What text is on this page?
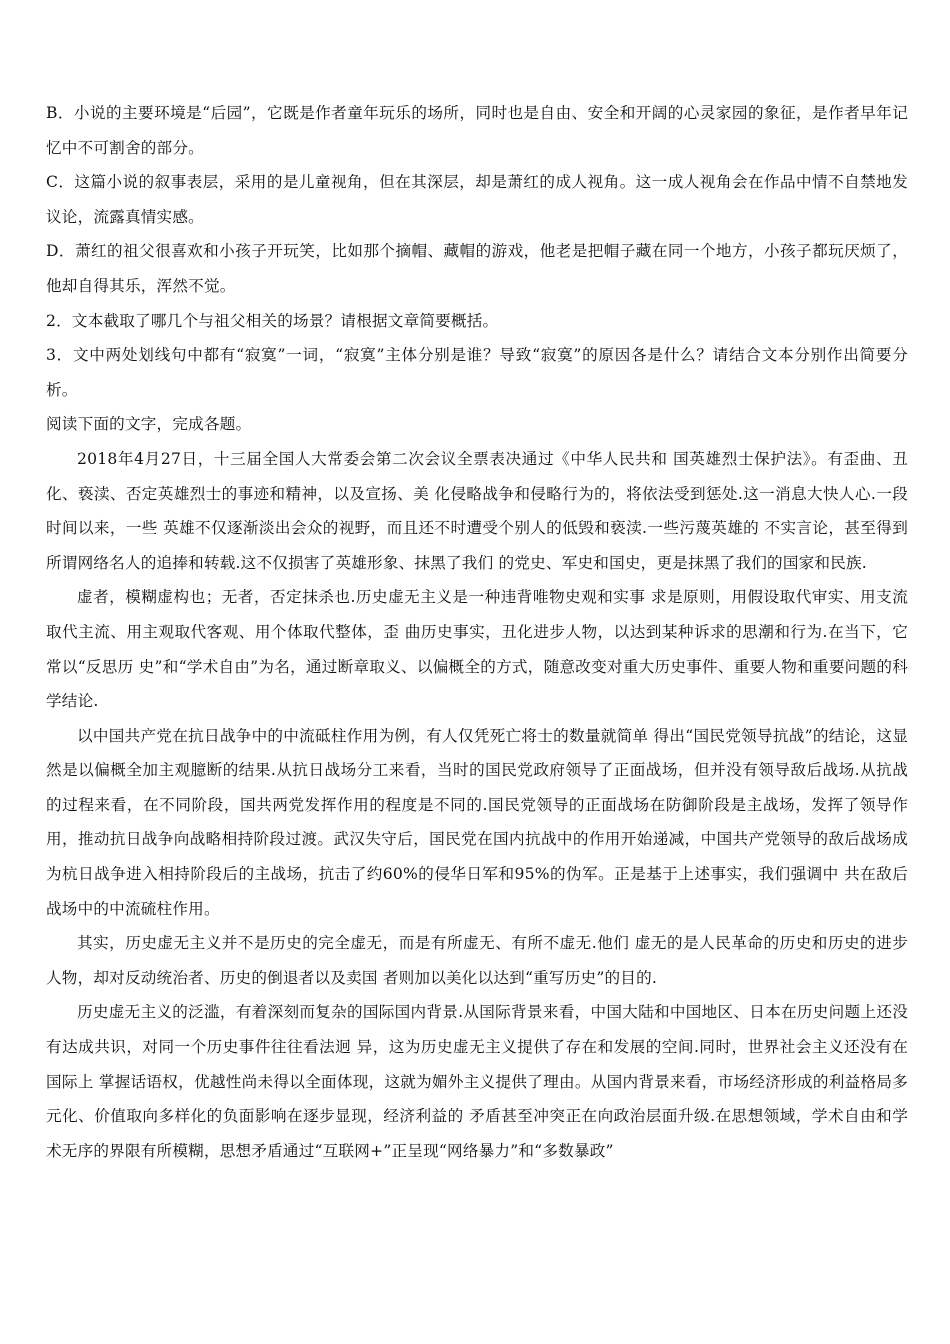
B．小说的主要环境是“后园”，它既是作者童年玩乐的场所，同时也是自由、安全和开阔的心灵家园的象征，是作者早年记忆中不可割舍的部分。

C．这篇小说的叙事表层，采用的是儿童视角，但在其深层，却是萧红的成人视角。这一成人视角会在作品中情不自禁地发议论，流露真情实感。

D．萧红的祖父很喜欢和小孩子开玩笑，比如那个摘帽、藏帽的游戏，他老是把帽子藏在同一个地方，小孩子都玩厌烦了，他却自得其乐，浑然不觉。

2．文本截取了哪几个与祖父相关的场景？请根据文章简要概括。

3．文中两处划线句中都有“寂寞”一词，“寂寞”主体分别是谁？导致“寂寞”的原因各是什么？请结合文本分别作出简要分析。

阅读下面的文字，完成各题。

2018年4月27日，十三届全国人大常委会第二次会议全票表决通过《中华人民共和 国英雄烈士保护法》。有歪曲、丑化、亵渎、否定英雄烈士的事迹和精神，以及宣扬、美 化侵略战争和侵略行为的，将依法受到惩处.这一消息大快人心.一段时间以来，一些 英雄不仅逐渐淡出会众的视野，而且还不时遭受个别人的低毁和亵渎.一些污蔑英雄的 不实言论，甚至得到所谓网络名人的追捧和转载.这不仅损害了英雄形象、抹黑了我们 的党史、军史和国史，更是抹黑了我们的国家和民族.

虚者，模糊虚构也；无者，否定抹杀也.历史虚无主义是一种违背唯物史观和实事 求是原则，用假设取代审实、用支流取代主流、用主观取代客观、用个体取代整体，歪 曲历史事实，丑化进步人物，以达到某种诉求的思潮和行为.在当下，它常以“反思历 史”和“学术自由”为名，通过断章取义、以偏概全的方式，随意改变对重大历史事件、重要人物和重要问题的科学结论.

以中国共产党在抗日战争中的中流砥柱作用为例，有人仅凭死亡将士的数量就简单 得出“国民党领导抗战”的结论，这显然是以偏概全加主观臆断的结果.从抗日战场分工来看，当时的国民党政府领导了正面战场，但并没有领导敌后战场.从抗战的过程来看，在不同阶段，国共两党发挥作用的程度是不同的.国民党领导的正面战场在防御阶段是主战场，发挥了领导作用，推动抗日战争向战略相持阶段过渡。武汉失守后，国民党在国内抗战中的作用开始递减，中国共产党领导的敌后战场成为杭日战争进入相持阶段后的主战场，抗击了约60%的侵华日军和95%的伪军。正是基于上述事实，我们强调中 共在敌后战场中的中流硫柱作用。

其实，历史虚无主义并不是历史的完全虚无，而是有所虚无、有所不虚无.他们 虚无的是人民革命的历史和历史的进步人物，却对反动统治者、历史的倒退者以及卖国 者则加以美化以达到“重写历史”的目的.

历史虚无主义的泛滥，有着深刻而复杂的国际国内背景.从国际背景来看，中国大陆和中国地区、日本在历史问题上还没有达成共识，对同一个历史事件往往看法迥 异，这为历史虚无主义提供了存在和发展的空间.同时，世界社会主义还没有在国际上 掌握话语权，优越性尚未得以全面体现，这就为媚外主义提供了理由。从国内背景来看，市场经济形成的利益格局多元化、价值取向多样化的负面影响在逐步显现，经济利益的 矛盾甚至冲突正在向政治层面升级.在思想领域，学术自由和学术无序的界限有所模糊，思想矛盾通过“互联网+”正呈现“网络暴力”和“多数暴政”
